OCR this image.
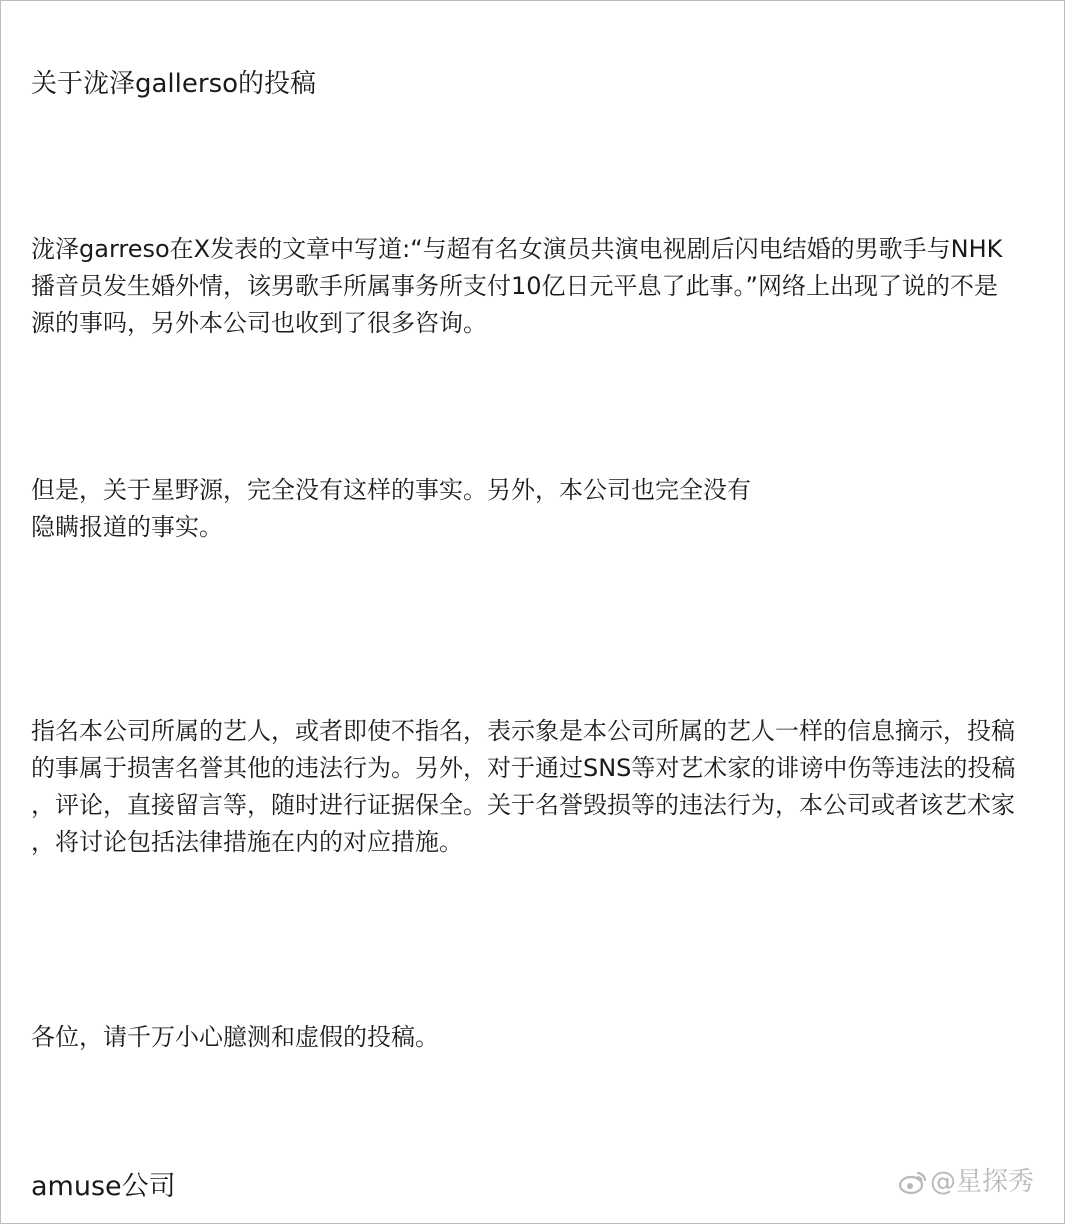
关于泷泽gallerso的投稿

泷泽garreso在X发表的文章中写道:“与超有名女演员共演电视剧后闪电结婚的男歌手与NHK
播音员发生婚外情，该男歌手所属事务所支付10亿日元平息了此事。”网络上出现了说的不是
源的事吗，另外本公司也收到了很多咨询。

但是，关于星野源，完全没有这样的事实。另外，本公司也完全没有
隐瞒报道的事实。

指名本公司所属的艺人，或者即使不指名，表示象是本公司所属的艺人一样的信息摘示，投稿
的事属于损害名誉其他的违法行为。另外，对于通过SNS等对艺术家的诽谤中伤等违法的投稿
，评论，直接留言等，随时进行证据保全。关于名誉毁损等的违法行为，本公司或者该艺术家
，将讨论包括法律措施在内的对应措施。

各位，请千万小心臆测和虚假的投稿。

amuse公司	@星探秀
